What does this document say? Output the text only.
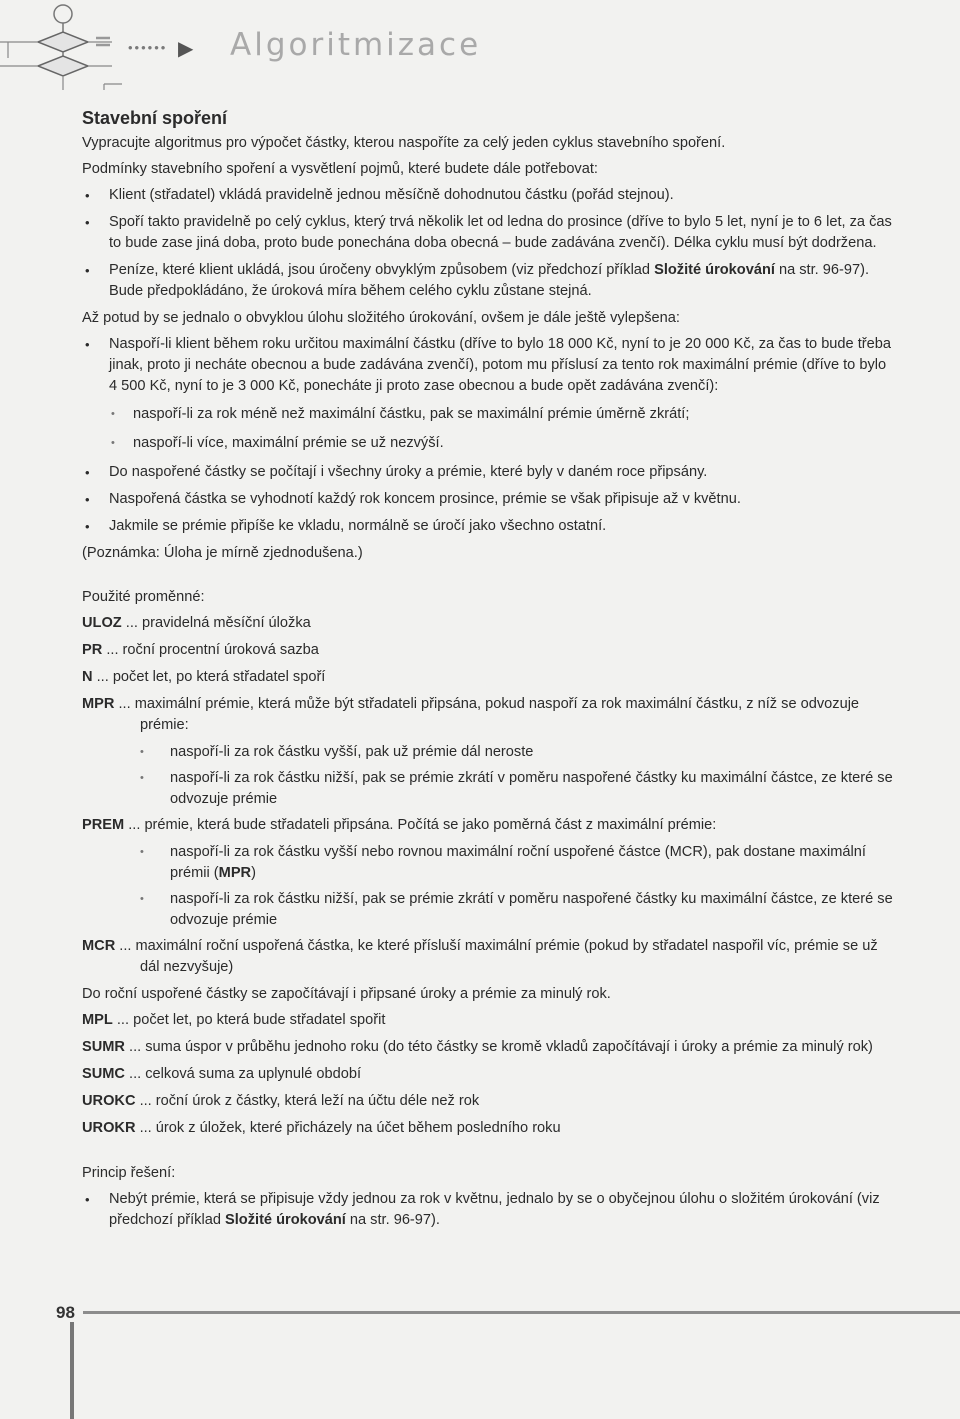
•••••• ▶ Algoritmizace
Stavební spoření

Vypracujte algoritmus pro výpočet částky, kterou naspoříte za celý jeden cyklus stavebního spoření.

Podmínky stavebního spoření a vysvětlení pojmů, které budete dále potřebovat:

• Klient (střadatel) vkládá pravidelně jednou měsíčně dohodnutou částku (pořád stejnou).
• Spoří takto pravidelně po celý cyklus, který trvá několik let od ledna do prosince (dříve to bylo 5 let, nyní je to 6 let, za čas to bude zase jiná doba, proto bude ponechána doba obecná – bude zadávána zvenčí). Délka cyklu musí být dodržena.
• Peníze, které klient ukládá, jsou úročeny obvyklým způsobem (viz předchozí příklad Složité úrokování na str. 96-97). Bude předpokládáno, že úroková míra během celého cyklu zůstane stejná.

Až potud by se jednalo o obvyklou úlohu složitého úrokování, ovšem je dále ještě vylepšena:

• Naspoří-li klient během roku určitou maximální částku (dříve to bylo 18 000 Kč, nyní to je 20 000 Kč, za čas to bude třeba jinak, proto ji necháte obecnou a bude zadávána zvenčí), potom mu příslusí za tento rok maximální prémie (dříve to bylo 4 500 Kč, nyní to je 3 000 Kč, ponecháte ji proto zase obecnou a bude opět zadávána zvenčí):
• naspoří-li za rok méně než maximální částku, pak se maximální prémie úměrně zkrátí;
• naspoří-li více, maximální prémie se už nezvýší.
• Do naspořené částky se počítají i všechny úroky a prémie, které byly v daném roce připsány.
• Naspořená částka se vyhodnotí každý rok koncem prosince, prémie se však připisuje až v květnu.
• Jakmile se prémie připíše ke vkladu, normálně se úročí jako všechno ostatní.

(Poznámka: Úloha je mírně zjednodušena.)

Použité proměnné:

ULOZ ... pravidelná měsíční úložka

PR ... roční procentní úroková sazba

N ... počet let, po která střadatel spoří

MPR ... maximální prémie, která může být střadateli připsána, pokud naspoří za rok maximální částku, z níž se odvozuje prémie:

• naspoří-li za rok částku vyšší, pak už prémie dál neroste
• naspoří-li za rok částku nižší, pak se prémie zkrátí v poměru naspořené částky ku maximální částce, ze které se odvozuje prémie

PREM ... prémie, která bude střadateli připsána. Počítá se jako poměrná část z maximální prémie:

• naspoří-li za rok částku vyšší nebo rovnou maximální roční uspořené částce (MCR), pak dostane maximální prémii (MPR)
• naspoří-li za rok částku nižší, pak se prémie zkrátí v poměru naspořené částky ku maximální částce, ze které se odvozuje prémie

MCR ... maximální roční uspořená částka, ke které přísluší maximální prémie (pokud by střadatel naspořil víc, prémie se už dál nezvyšuje)

Do roční uspořené částky se započítávají i připsané úroky a prémie za minulý rok.

MPL ... počet let, po která bude střadatel spořit

SUMR ... suma úspor v průběhu jednoho roku (do této částky se kromě vkladů započítávají i úroky a prémie za minulý rok)

SUMC ... celková suma za uplynulé období

UROKC ... roční úrok z částky, která leží na účtu déle než rok

UROKR ... úrok z úložek, které přicházely na účet během posledního roku

Princip řešení:

• Nebýt prémie, která se připisuje vždy jednou za rok v květnu, jednalo by se o obyčejnou úlohu o složitém úrokování (viz předchozí příklad Složité úrokování na str. 96-97).
98
